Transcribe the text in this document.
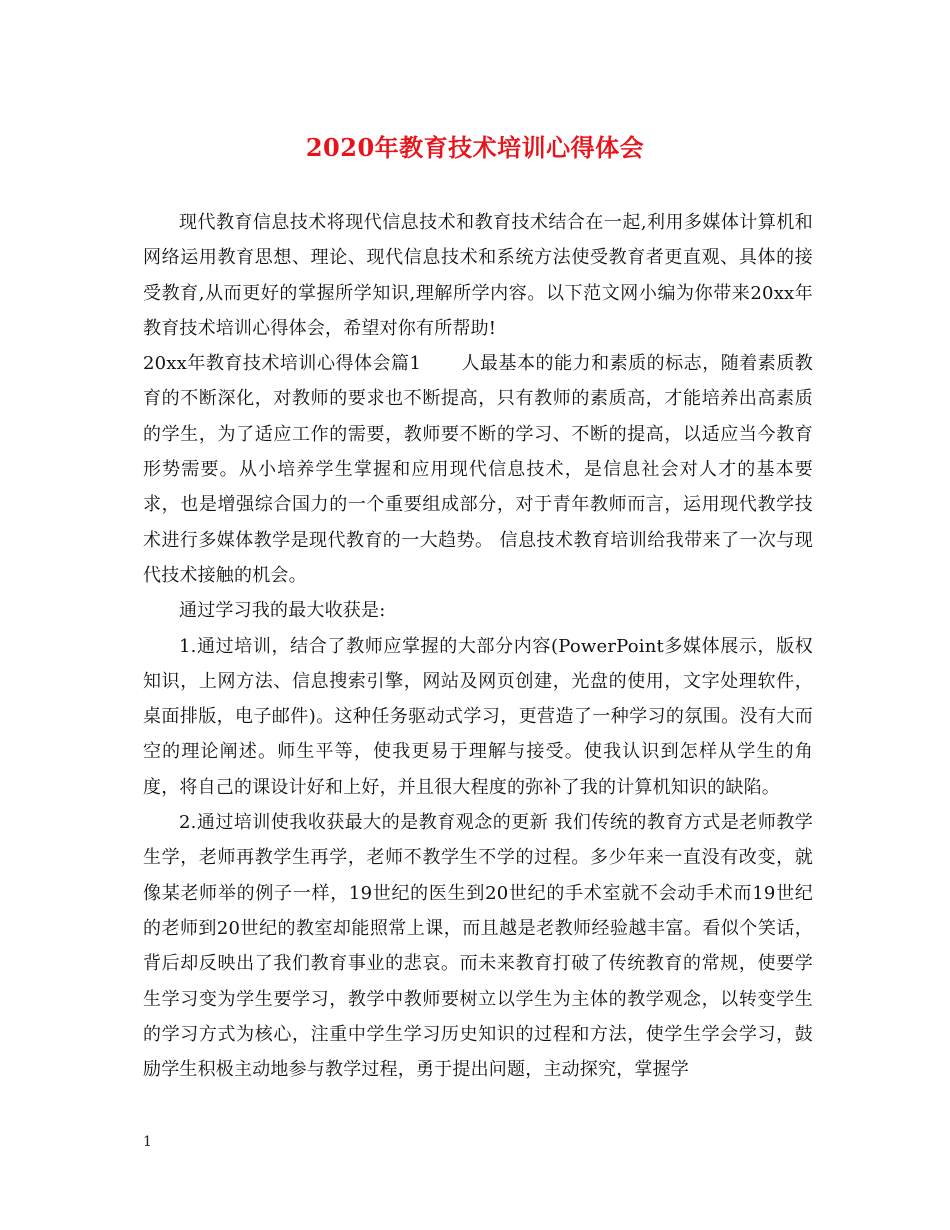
2020年教育技术培训心得体会

现代教育信息技术将现代信息技术和教育技术结合在一起,利用多媒体计算机和网络运用教育思想、理论、现代信息技术和系统方法使受教育者更直观、具体的接受教育,从而更好的掌握所学知识,理解所学内容。以下范文网小编为你带来20xx年教育技术培训心得体会，希望对你有所帮助!

20xx年教育技术培训心得体会篇1 人最基本的能力和素质的标志，随着素质教育的不断深化，对教师的要求也不断提高，只有教师的素质高，才能培养出高素质的学生，为了适应工作的需要，教师要不断的学习、不断的提高，以适应当今教育形势需要。从小培养学生掌握和应用现代信息技术，是信息社会对人才的基本要求，也是增强综合国力的一个重要组成部分，对于青年教师而言，运用现代教学技术进行多媒体教学是现代教育的一大趋势。 信息技术教育培训给我带来了一次与现代技术接触的机会。

通过学习我的最大收获是:

1.通过培训，结合了教师应掌握的大部分内容(PowerPoint多媒体展示，版权知识，上网方法、信息搜索引擎，网站及网页创建，光盘的使用，文字处理软件，桌面排版，电子邮件)。这种任务驱动式学习，更营造了一种学习的氛围。没有大而空的理论阐述。师生平等，使我更易于理解与接受。使我认识到怎样从学生的角度，将自己的课设计好和上好，并且很大程度的弥补了我的计算机知识的缺陷。

2.通过培训使我收获最大的是教育观念的更新 我们传统的教育方式是老师教学生学，老师再教学生再学，老师不教学生不学的过程。多少年来一直没有改变，就像某老师举的例子一样，19世纪的医生到20世纪的手术室就不会动手术而19世纪的老师到20世纪的教室却能照常上课，而且越是老教师经验越丰富。看似个笑话，背后却反映出了我们教育事业的悲哀。而未来教育打破了传统教育的常规，使要学生学习变为学生要学习，教学中教师要树立以学生为主体的教学观念，以转变学生的学习方式为核心，注重中学生学习历史知识的过程和方法，使学生学会学习，鼓励学生积极主动地参与教学过程，勇于提出问题，主动探究，掌握学

1
